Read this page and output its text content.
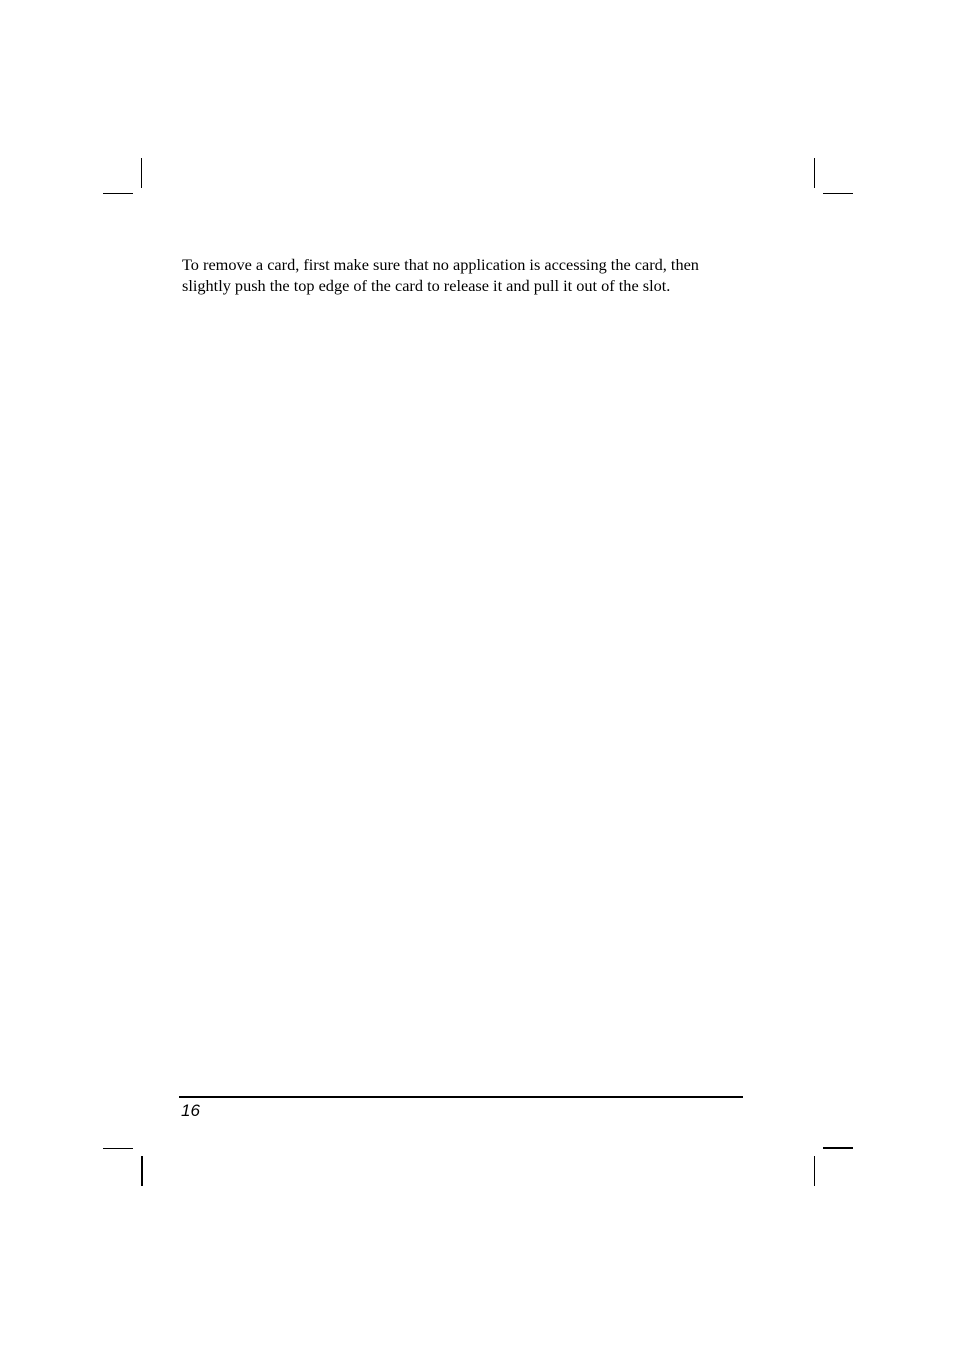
To remove a card, first make sure that no application is accessing the card, then
slightly push the top edge of the card to release it and pull it out of the slot.

16
